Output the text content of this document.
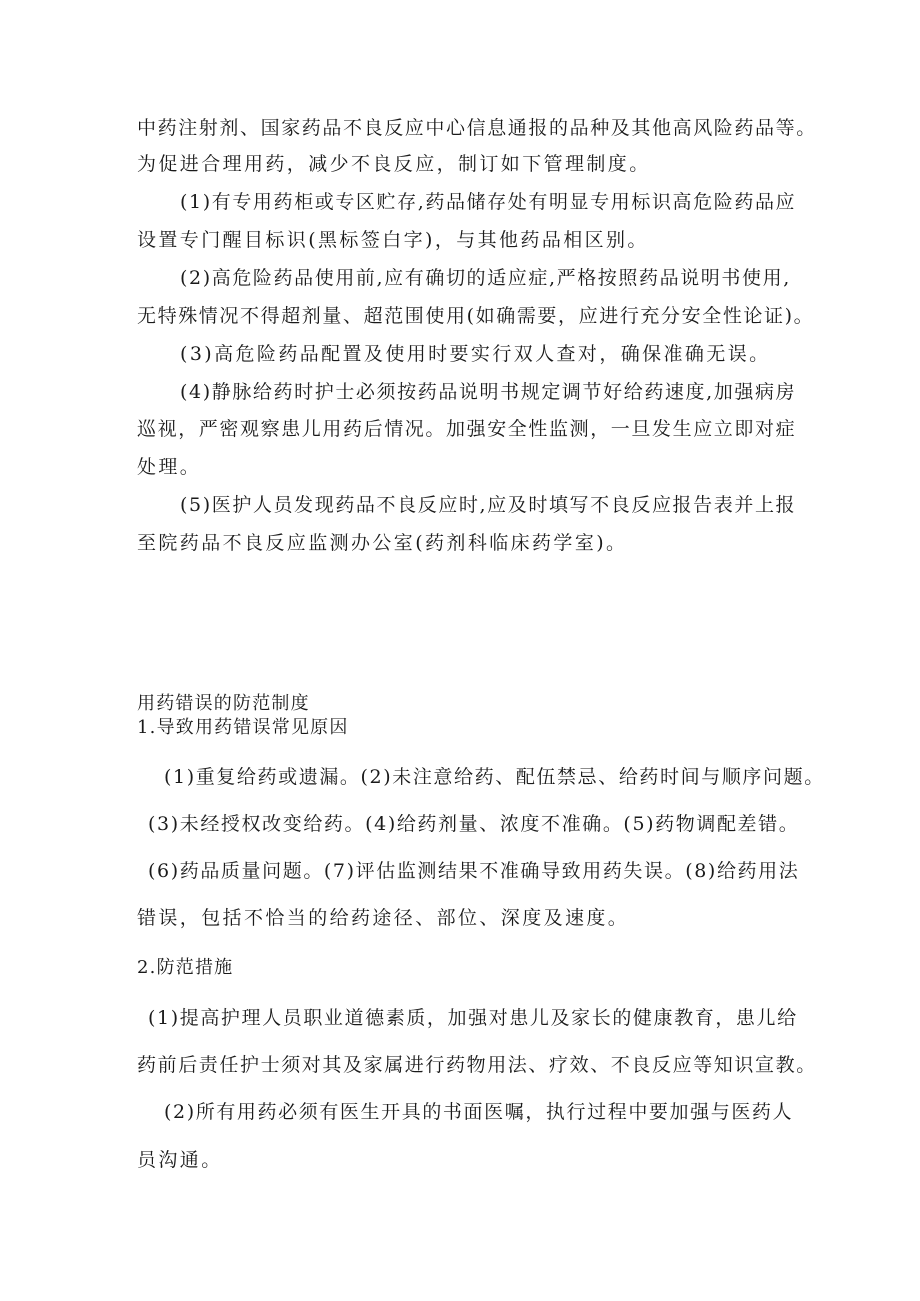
中药注射剂、国家药品不良反应中心信息通报的品种及其他高风险药品等。
为促进合理用药，减少不良反应，制订如下管理制度。
(1)有专用药柜或专区贮存,药品储存处有明显专用标识高危险药品应
设置专门醒目标识(黑标签白字)，与其他药品相区别。
(2)高危险药品使用前,应有确切的适应症,严格按照药品说明书使用,
无特殊情况不得超剂量、超范围使用(如确需要，应进行充分安全性论证)。
(3)高危险药品配置及使用时要实行双人查对，确保准确无误。
(4)静脉给药时护士必须按药品说明书规定调节好给药速度,加强病房
巡视，严密观察患儿用药后情况。加强安全性监测，一旦发生应立即对症
处理。
(5)医护人员发现药品不良反应时,应及时填写不良反应报告表并上报
至院药品不良反应监测办公室(药剂科临床药学室)。
用药错误的防范制度
1.导致用药错误常见原因
(1)重复给药或遗漏。(2)未注意给药、配伍禁忌、给药时间与顺序问题。
(3)未经授权改变给药。(4)给药剂量、浓度不准确。(5)药物调配差错。
(6)药品质量问题。(7)评估监测结果不准确导致用药失误。(8)给药用法
错误，包括不恰当的给药途径、部位、深度及速度。
2.防范措施
(1)提高护理人员职业道德素质，加强对患儿及家长的健康教育，患儿给
药前后责任护士须对其及家属进行药物用法、疗效、不良反应等知识宣教。
(2)所有用药必须有医生开具的书面医嘱，执行过程中要加强与医药人
员沟通。
